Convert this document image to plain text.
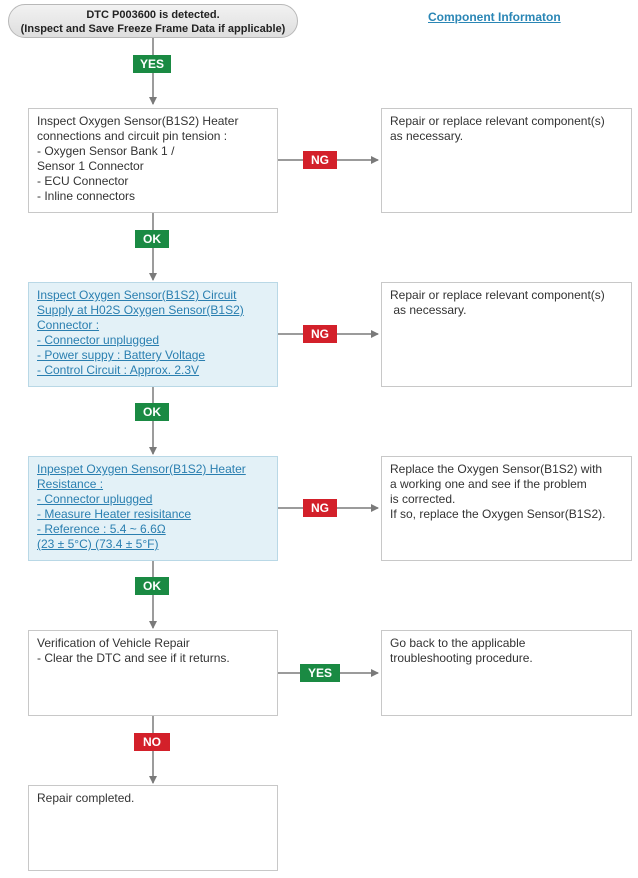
DTC P003600 is detected.
(Inspect and Save Freeze Frame Data if applicable)
Component Informaton
YES
OK
OK
OK
NG
NG
NG
YES
NO
Inspect Oxygen Sensor(B1S2) Heater
connections and circuit pin tension :
- Oxygen Sensor Bank 1 /
Sensor 1 Connector
- ECU Connector
- Inline connectors
Inspect Oxygen Sensor(B1S2) Circuit
Supply at H02S Oxygen Sensor(B1S2)
Connector :
- Connector unplugged
- Power suppy : Battery Voltage
- Control Circuit : Approx. 2.3V
Inpespet Oxygen Sensor(B1S2) Heater
Resistance :
- Connector uplugged
- Measure Heater resisitance
- Reference : 5.4 ~ 6.6Ω
(23 ± 5°C) (73.4 ± 5°F)
Verification of Vehicle Repair
- Clear the DTC and see if it returns.
Repair completed.
Repair or replace relevant component(s)
as necessary.
Repair or replace relevant component(s)
as necessary.
Replace the Oxygen Sensor(B1S2) with
a working one and see if the problem
is corrected.
If so, replace the Oxygen Sensor(B1S2).
Go back to the applicable
troubleshooting procedure.
